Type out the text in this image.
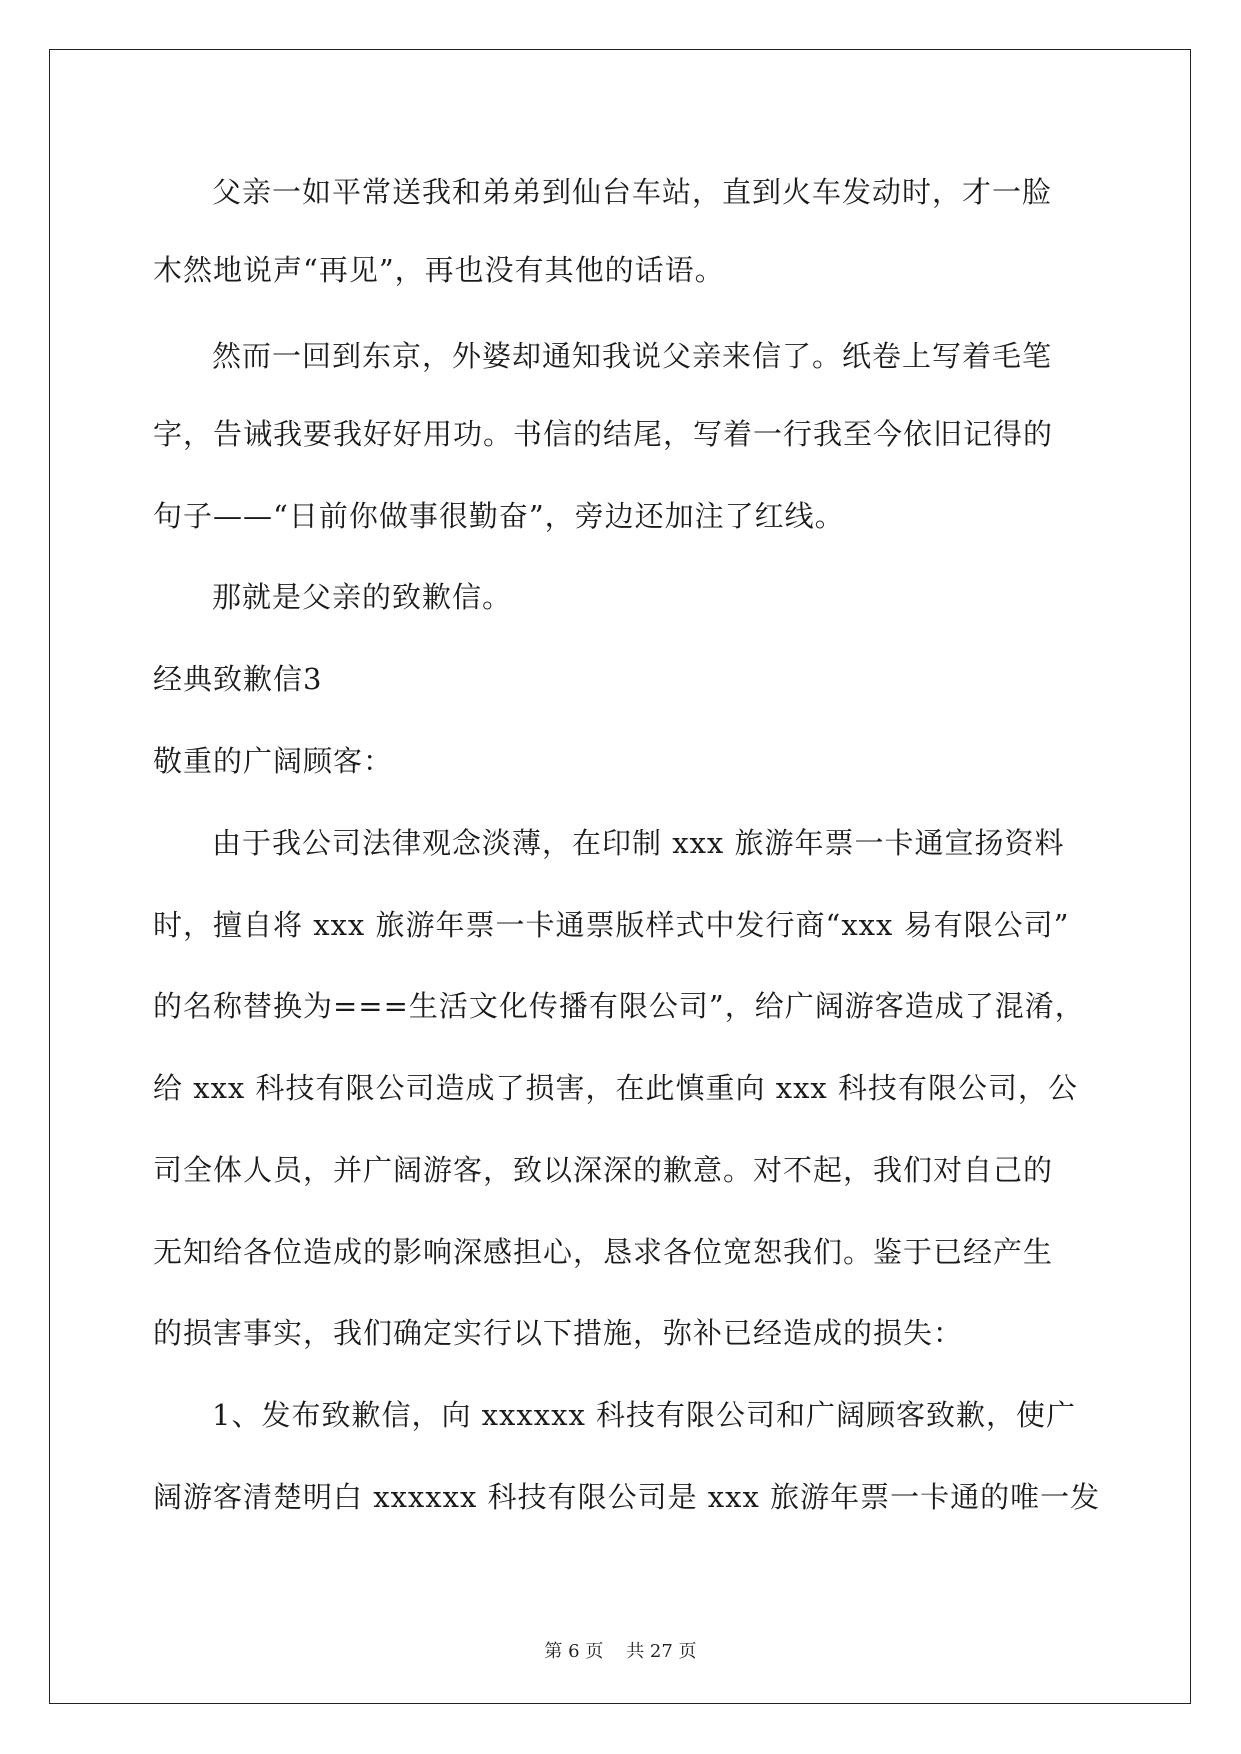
父亲一如平常送我和弟弟到仙台车站，直到火车发动时，才一脸
木然地说声“再见”，再也没有其他的话语。
然而一回到东京，外婆却通知我说父亲来信了。纸卷上写着毛笔
字，告诫我要我好好用功。书信的结尾，写着一行我至今依旧记得的
句子——“日前你做事很勤奋”，旁边还加注了红线。
那就是父亲的致歉信。
经典致歉信3
敬重的广阔顾客：
由于我公司法律观念淡薄，在印制 xxx 旅游年票一卡通宣扬资料
时，擅自将 xxx 旅游年票一卡通票版样式中发行商“xxx 易有限公司”
的名称替换为===生活文化传播有限公司”，给广阔游客造成了混淆，
给 xxx 科技有限公司造成了损害，在此慎重向 xxx 科技有限公司，公
司全体人员，并广阔游客，致以深深的歉意。对不起，我们对自己的
无知给各位造成的影响深感担心，恳求各位宽恕我们。鉴于已经产生
的损害事实，我们确定实行以下措施，弥补已经造成的损失：
1、发布致歉信，向 xxxxxx 科技有限公司和广阔顾客致歉，使广
阔游客清楚明白 xxxxxx 科技有限公司是 xxx 旅游年票一卡通的唯一发
第 6 页    共 27 页
